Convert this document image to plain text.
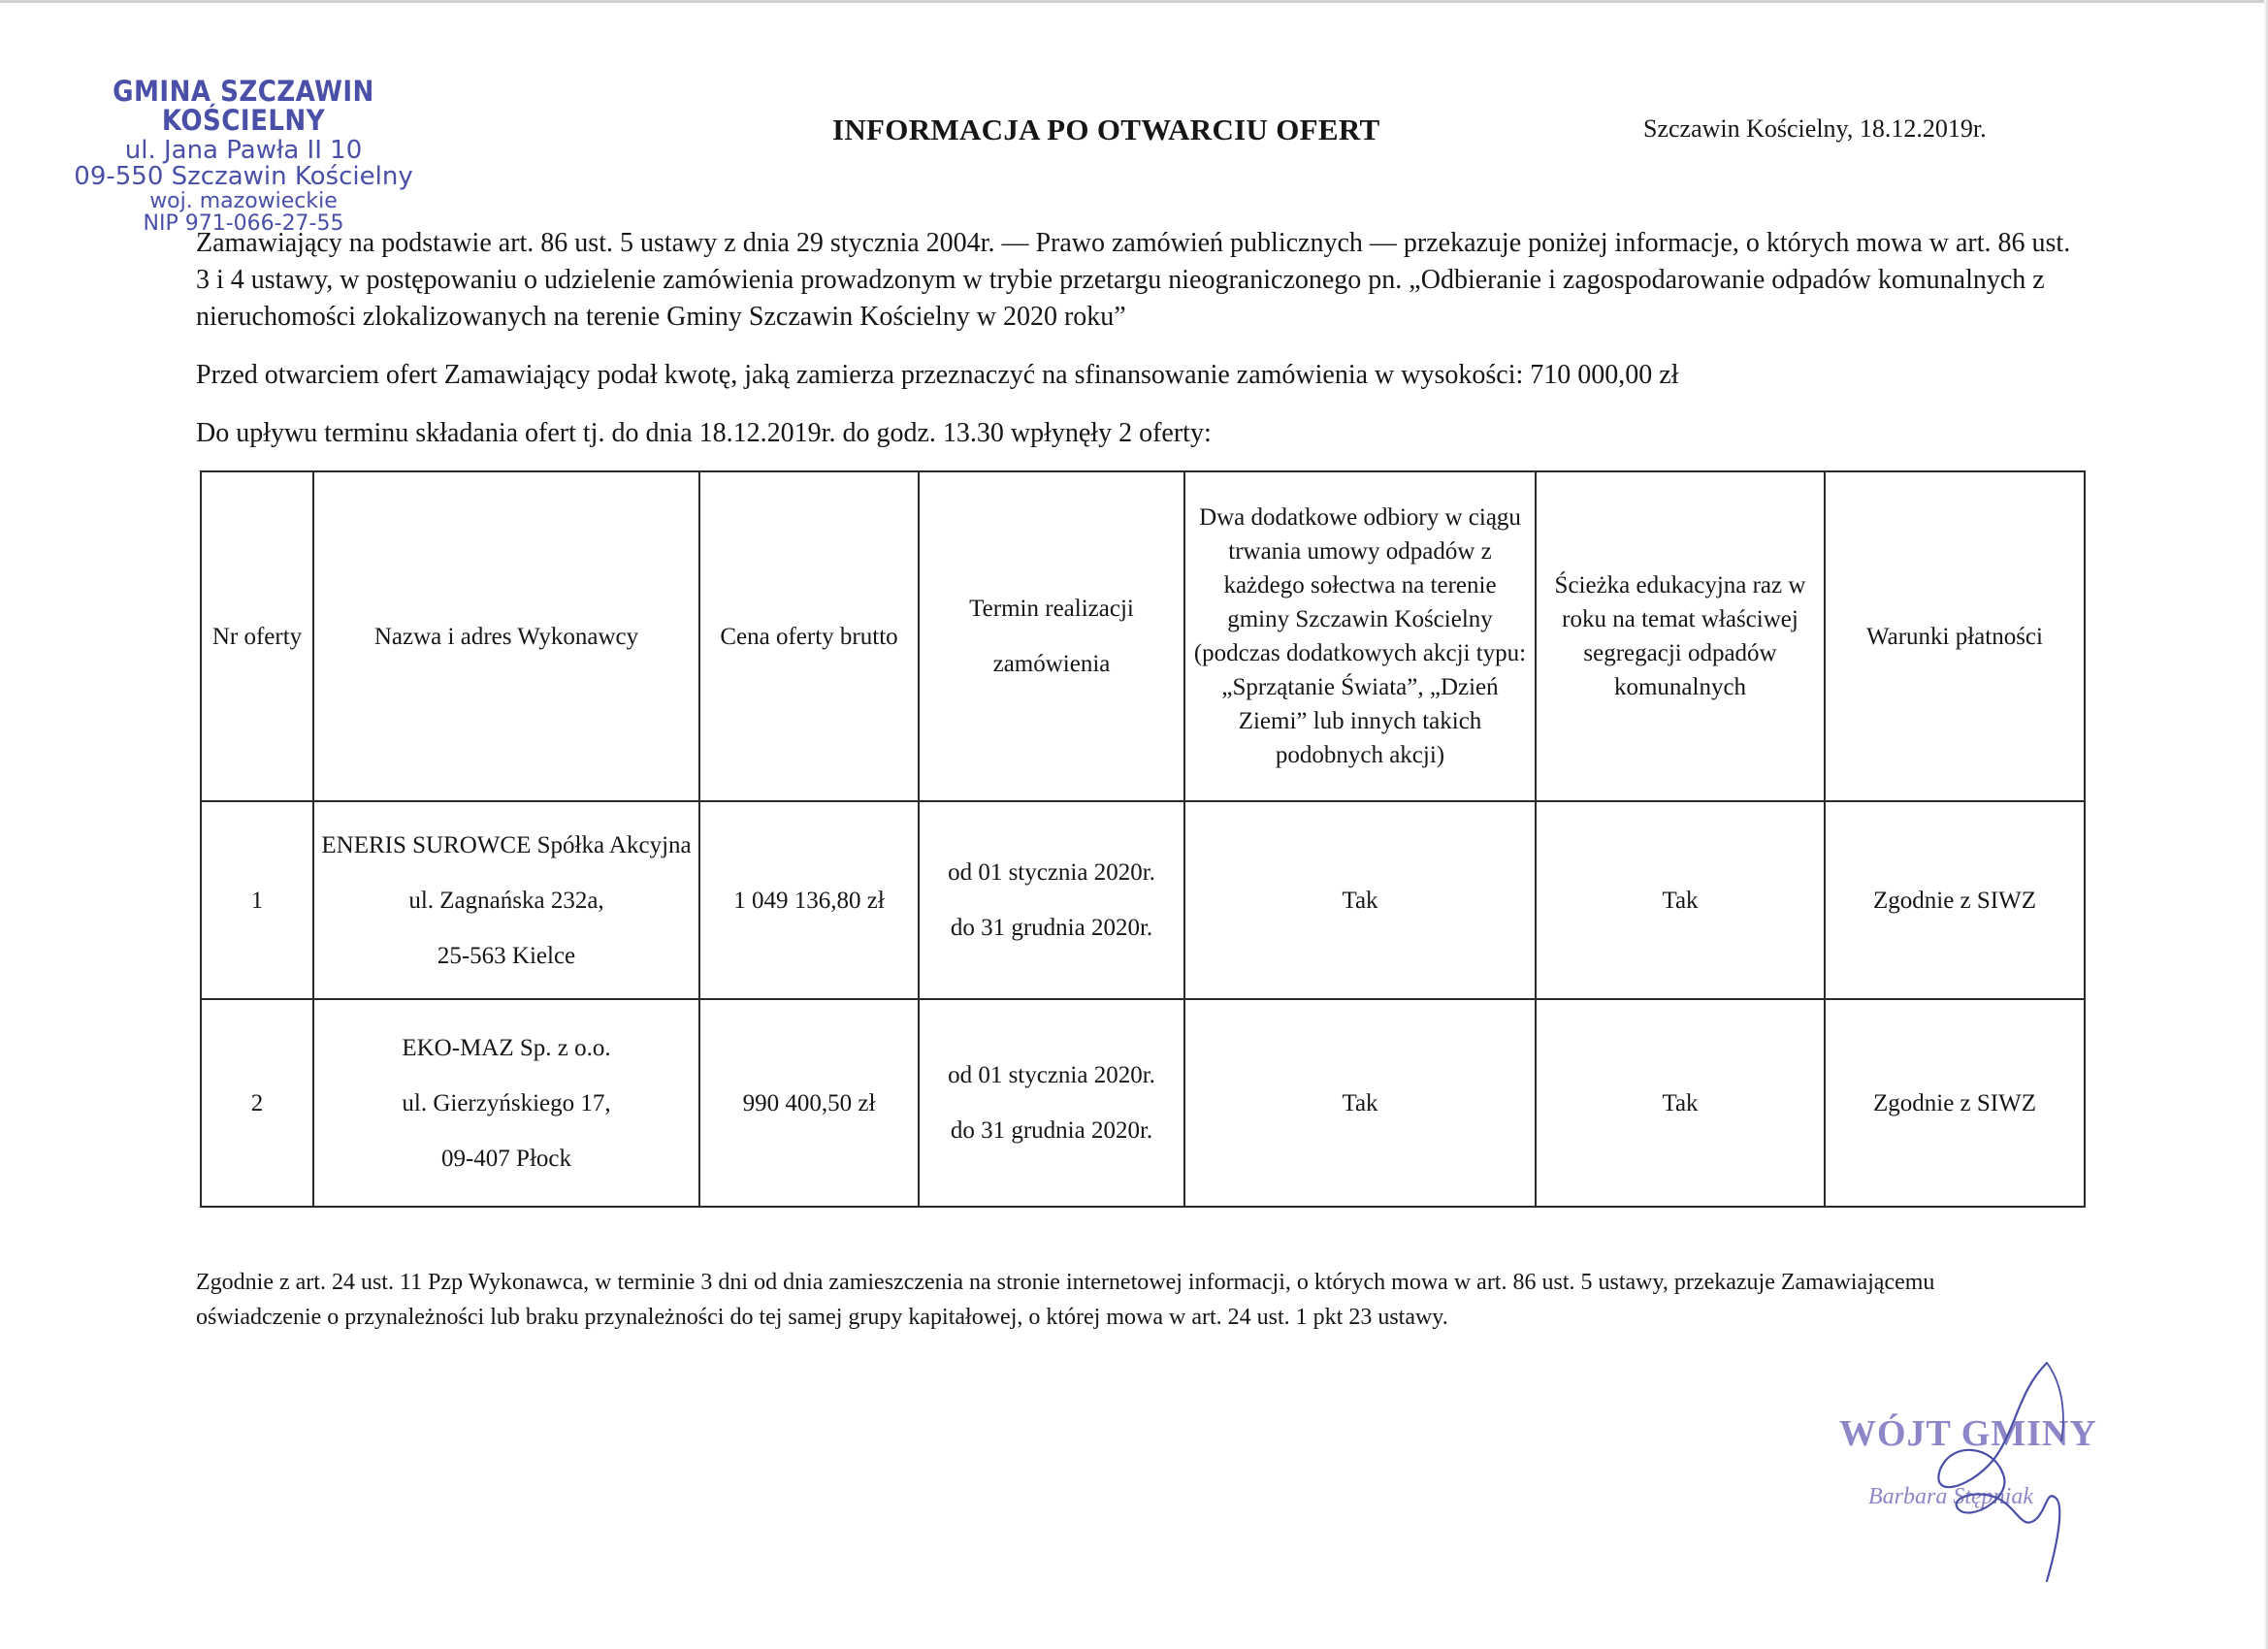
GMINA SZCZAWIN KOŚCIELNY
ul. Jana Pawła II 10
09-550 Szczawin Kościelny
woj. mazowieckie
NIP 971-066-27-55
INFORMACJA PO OTWARCIU OFERT	Szczawin Kościelny, 18.12.2019r.
Zamawiający na podstawie art. 86 ust. 5 ustawy z dnia 29 stycznia 2004r. — Prawo zamówień publicznych — przekazuje poniżej informacje, o których mowa w art. 86 ust. 3 i 4 ustawy, w postępowaniu o udzielenie zamówienia prowadzonym w trybie przetargu nieograniczonego pn. „Odbieranie i zagospodarowanie odpadów komunalnych z nieruchomości zlokalizowanych na terenie Gminy Szczawin Kościelny w 2020 roku”
Przed otwarciem ofert Zamawiający podał kwotę, jaką zamierza przeznaczyć na sfinansowanie zamówienia w wysokości: 710 000,00 zł
Do upływu terminu składania ofert tj. do dnia 18.12.2019r. do godz. 13.30 wpłynęły 2 oferty:
Nr oferty	Nazwa i adres Wykonawcy	Cena oferty brutto	Termin realizacji
zamówienia	Dwa dodatkowe odbiory w ciągu trwania umowy odpadów z każdego sołectwa na terenie gminy Szczawin Kościelny (podczas dodatkowych akcji typu: „Sprzątanie Świata”, „Dzień Ziemi” lub innych takich podobnych akcji)	Ścieżka edukacyjna raz w roku na temat właściwej segregacji odpadów komunalnych	Warunki płatności
1	ENERIS SUROWCE Spółka Akcyjna
ul. Zagnańska 232a,
25-563 Kielce	1 049 136,80 zł	od 01 stycznia 2020r.
do 31 grudnia 2020r.	Tak	Tak	Zgodnie z SIWZ
2	EKO-MAZ Sp. z o.o.
ul. Gierzyńskiego 17,
09-407 Płock	990 400,50 zł	od 01 stycznia 2020r.
do 31 grudnia 2020r.	Tak	Tak	Zgodnie z SIWZ
Zgodnie z art. 24 ust. 11 Pzp Wykonawca, w terminie 3 dni od dnia zamieszczenia na stronie internetowej informacji, o których mowa w art. 86 ust. 5 ustawy, przekazuje Zamawiającemu oświadczenie o przynależności lub braku przynależności do tej samej grupy kapitałowej, o której mowa w art. 24 ust. 1 pkt 23 ustawy.
WÓJT GMINY
Barbara Stępniak
